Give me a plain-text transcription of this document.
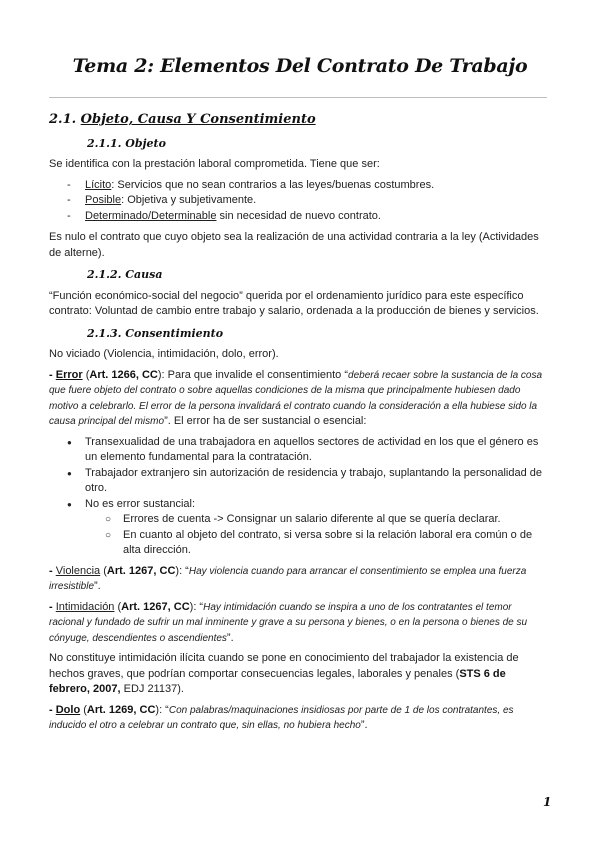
Tema 2: Elementos Del Contrato De Trabajo
2.1. Objeto, Causa Y Consentimiento
2.1.1. Objeto

Se identifica con la prestación laboral comprometida. Tiene que ser:

- Lícito: Servicios que no sean contrarios a las leyes/buenas costumbres.
- Posible: Objetiva y subjetivamente.
- Determinado/Determinable sin necesidad de nuevo contrato.

Es nulo el contrato que cuyo objeto sea la realización de una actividad contraria a la ley (Actividades de alterne).

2.1.2. Causa

“Función económico-social del negocio” querida por el ordenamiento jurídico para este específico contrato: Voluntad de cambio entre trabajo y salario, ordenada a la producción de bienes y servicios.

2.1.3. Consentimiento

No viciado (Violencia, intimidación, dolo, error).

- Error (Art. 1266, CC): Para que invalide el consentimiento “deberá recaer sobre la sustancia de la cosa que fuere objeto del contrato o sobre aquellas condiciones de la misma que principalmente hubiesen dado motivo a celebrarlo. El error de la persona invalidará el contrato cuando la consideración a ella hubiese sido la causa principal del mismo”. El error ha de ser sustancial o esencial:

● Transexualidad de una trabajadora en aquellos sectores de actividad en los que el género es un elemento fundamental para la contratación.
● Trabajador extranjero sin autorización de residencia y trabajo, suplantando la personalidad de otro.
● No es error sustancial:
○ Errores de cuenta -> Consignar un salario diferente al que se quería declarar.
○ En cuanto al objeto del contrato, si versa sobre si la relación laboral era común o de alta dirección.

- Violencia (Art. 1267, CC): “Hay violencia cuando para arrancar el consentimiento se emplea una fuerza irresistible”.

- Intimidación (Art. 1267, CC): “Hay intimidación cuando se inspira a uno de los contratantes el temor racional y fundado de sufrir un mal inminente y grave a su persona y bienes, o en la persona o bienes de su cónyuge, descendientes o ascendientes”.

No constituye intimidación ilícita cuando se pone en conocimiento del trabajador la existencia de hechos graves, que podrían comportar consecuencias legales, laborales y penales (STS 6 de febrero, 2007, EDJ 21137).

- Dolo (Art. 1269, CC): “Con palabras/maquinaciones insidiosas por parte de 1 de los contratantes, es inducido el otro a celebrar un contrato que, sin ellas, no hubiera hecho”.

1
